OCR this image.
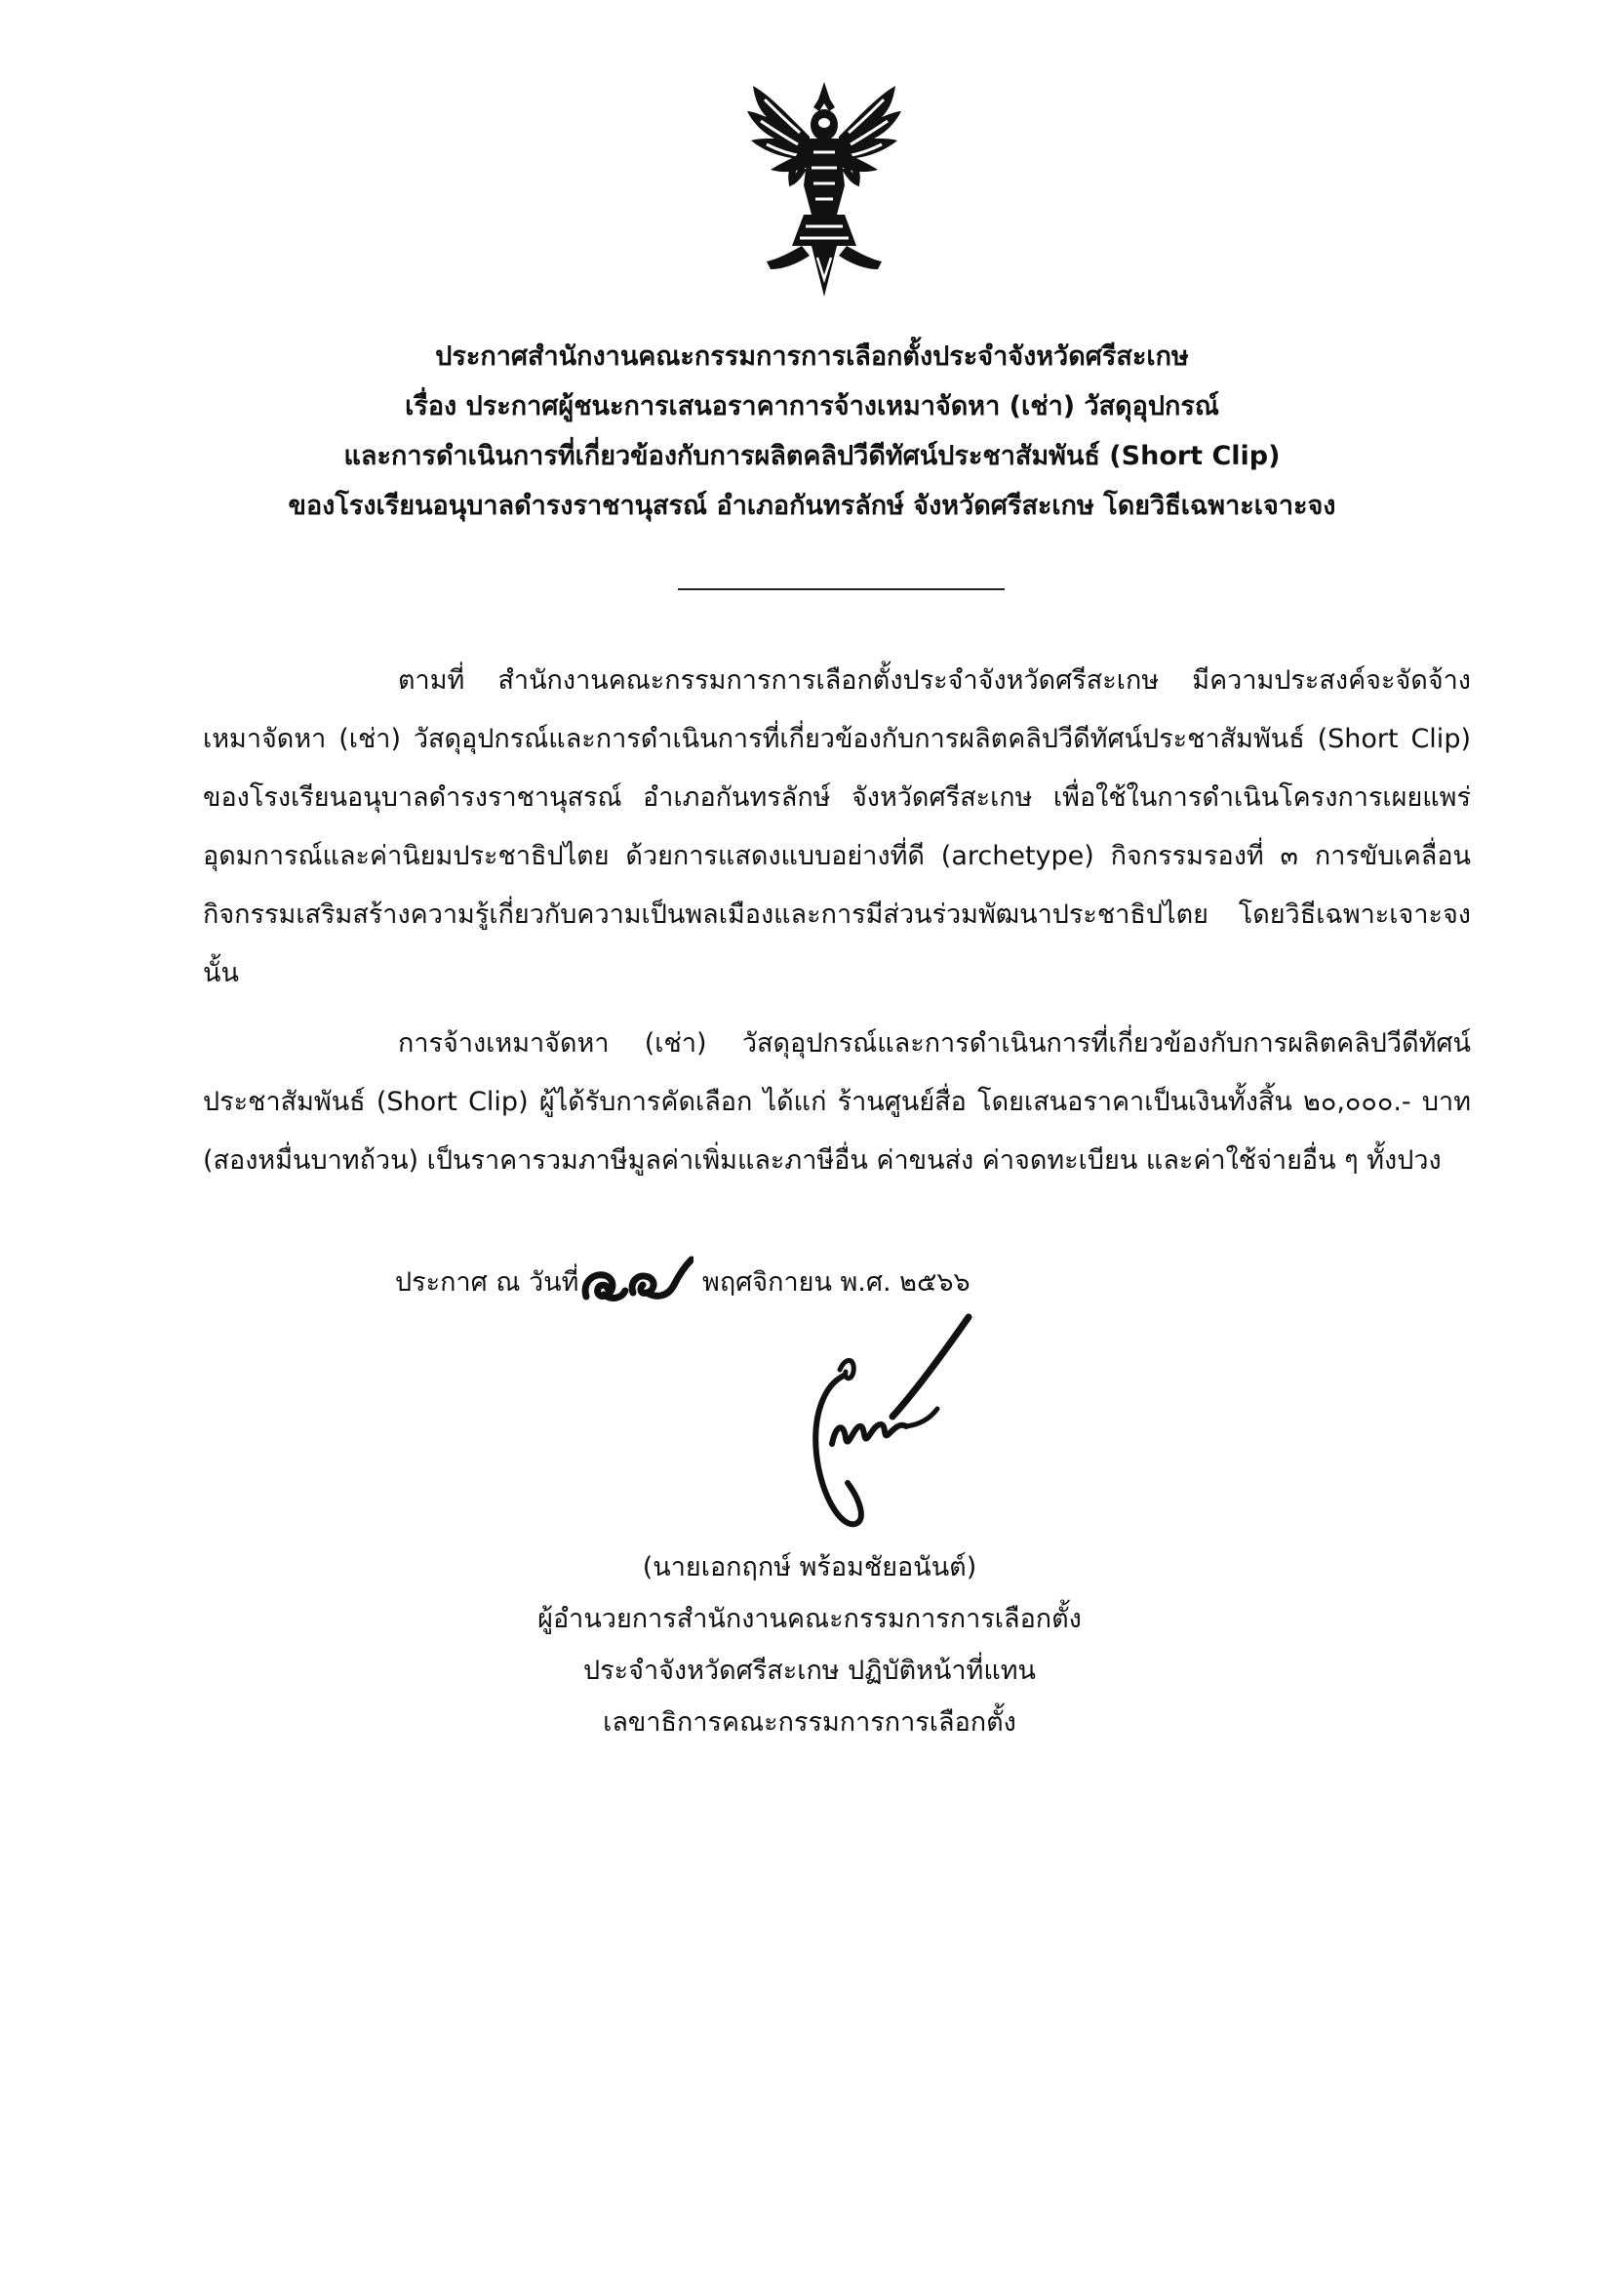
ประกาศสำนักงานคณะกรรมการการเลือกตั้งประจำจังหวัดศรีสะเกษ
เรื่อง ประกาศผู้ชนะการเสนอราคาการจ้างเหมาจัดหา (เช่า) วัสดุอุปกรณ์
และการดำเนินการที่เกี่ยวข้องกับการผลิตคลิปวีดีทัศน์ประชาสัมพันธ์ (Short Clip)
ของโรงเรียนอนุบาลดำรงราชานุสรณ์ อำเภอกันทรลักษ์ จังหวัดศรีสะเกษ โดยวิธีเฉพาะเจาะจง
ตามที่ สำนักงานคณะกรรมการการเลือกตั้งประจำจังหวัดศรีสะเกษ มีความประสงค์จะจัดจ้างเหมาจัดหา (เช่า) วัสดุอุปกรณ์และการดำเนินการที่เกี่ยวข้องกับการผลิตคลิปวีดีทัศน์ประชาสัมพันธ์ (Short Clip) ของโรงเรียนอนุบาลดำรงราชานุสรณ์ อำเภอกันทรลักษ์ จังหวัดศรีสะเกษ เพื่อใช้ในการดำเนินโครงการเผยแพร่อุดมการณ์และค่านิยมประชาธิปไตย ด้วยการแสดงแบบอย่างที่ดี (archetype) กิจกรรมรองที่ ๓ การขับเคลื่อนกิจกรรมเสริมสร้างความรู้เกี่ยวกับความเป็นพลเมืองและการมีส่วนร่วมพัฒนาประชาธิปไตย โดยวิธีเฉพาะเจาะจง นั้น
การจ้างเหมาจัดหา (เช่า) วัสดุอุปกรณ์และการดำเนินการที่เกี่ยวข้องกับการผลิตคลิปวีดีทัศน์ประชาสัมพันธ์ (Short Clip) ผู้ได้รับการคัดเลือก ได้แก่ ร้านศูนย์สื่อ โดยเสนอราคาเป็นเงินทั้งสิ้น ๒๐,๐๐๐.- บาท (สองหมื่นบาทถ้วน) เป็นราคารวมภาษีมูลค่าเพิ่มและภาษีอื่น ค่าขนส่ง ค่าจดทะเบียน และค่าใช้จ่ายอื่น ๆ ทั้งปวง
ประกาศ ณ วันที่	พฤศจิกายน พ.ศ. ๒๕๖๖
(นายเอกฤกษ์ พร้อมชัยอนันต์)
ผู้อำนวยการสำนักงานคณะกรรมการการเลือกตั้ง
ประจำจังหวัดศรีสะเกษ ปฏิบัติหน้าที่แทน
เลขาธิการคณะกรรมการการเลือกตั้ง
